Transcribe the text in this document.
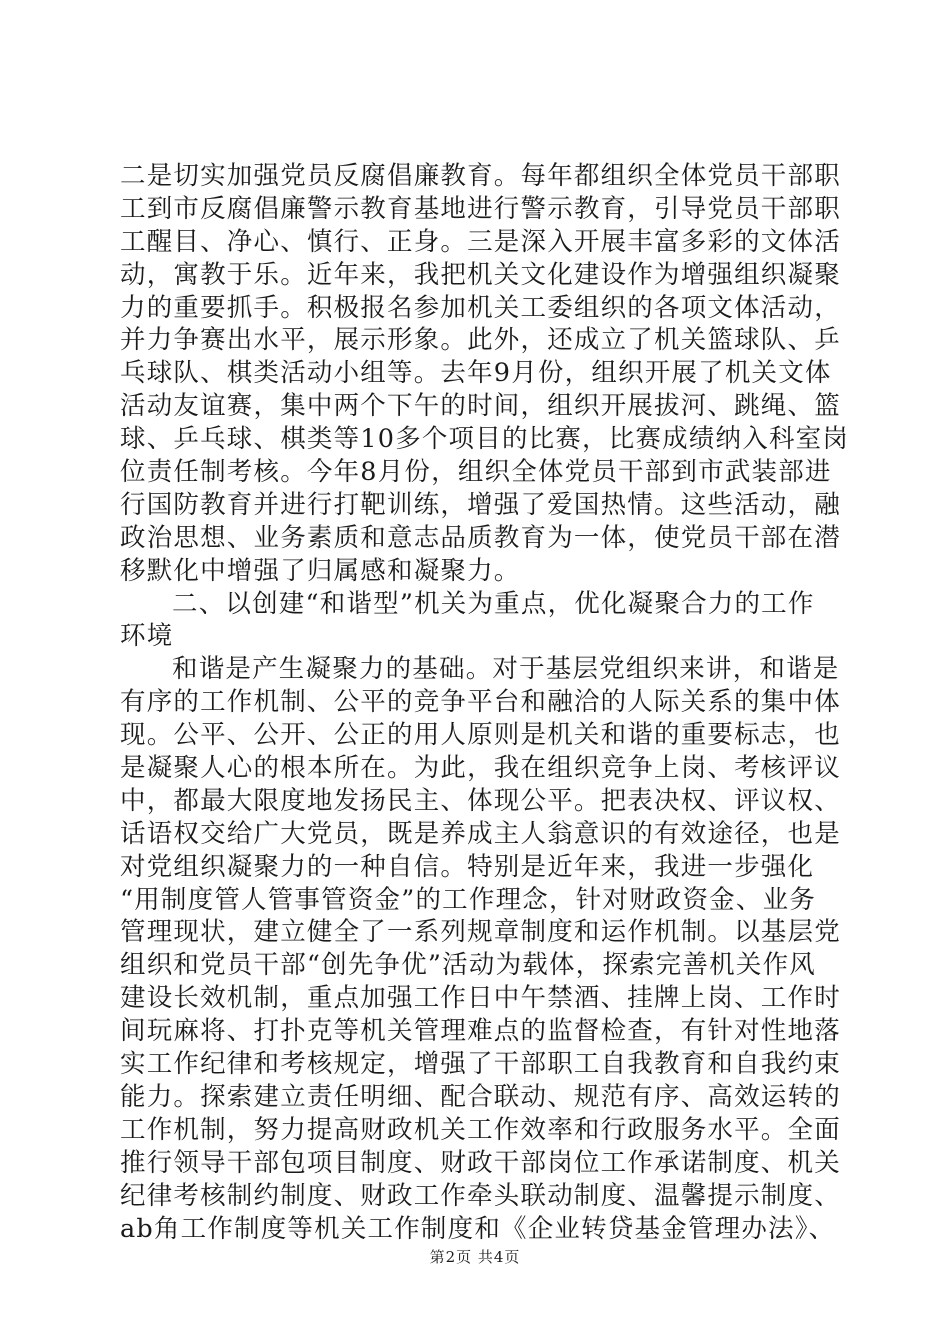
二是切实加强党员反腐倡廉教育。每年都组织全体党员干部职
工到市反腐倡廉警示教育基地进行警示教育，引导党员干部职
工醒目、净心、慎行、正身。三是深入开展丰富多彩的文体活
动，寓教于乐。近年来，我把机关文化建设作为增强组织凝聚
力的重要抓手。积极报名参加机关工委组织的各项文体活动，
并力争赛出水平，展示形象。此外，还成立了机关篮球队、乒
乓球队、棋类活动小组等。去年9月份，组织开展了机关文体
活动友谊赛，集中两个下午的时间，组织开展拔河、跳绳、篮
球、乒乓球、棋类等10多个项目的比赛，比赛成绩纳入科室岗
位责任制考核。今年8月份，组织全体党员干部到市武装部进
行国防教育并进行打靶训练，增强了爱国热情。这些活动，融
政治思想、业务素质和意志品质教育为一体，使党员干部在潜
移默化中增强了归属感和凝聚力。
二、以创建“和谐型”机关为重点，优化凝聚合力的工作
环境
和谐是产生凝聚力的基础。对于基层党组织来讲，和谐是
有序的工作机制、公平的竞争平台和融洽的人际关系的集中体
现。公平、公开、公正的用人原则是机关和谐的重要标志，也
是凝聚人心的根本所在。为此，我在组织竞争上岗、考核评议
中，都最大限度地发扬民主、体现公平。把表决权、评议权、
话语权交给广大党员，既是养成主人翁意识的有效途径，也是
对党组织凝聚力的一种自信。特别是近年来，我进一步强化
“用制度管人管事管资金”的工作理念，针对财政资金、业务
管理现状，建立健全了一系列规章制度和运作机制。以基层党
组织和党员干部“创先争优”活动为载体，探索完善机关作风
建设长效机制，重点加强工作日中午禁酒、挂牌上岗、工作时
间玩麻将、打扑克等机关管理难点的监督检查，有针对性地落
实工作纪律和考核规定，增强了干部职工自我教育和自我约束
能力。探索建立责任明细、配合联动、规范有序、高效运转的
工作机制，努力提高财政机关工作效率和行政服务水平。全面
推行领导干部包项目制度、财政干部岗位工作承诺制度、机关
纪律考核制约制度、财政工作牵头联动制度、温馨提示制度、
ab角工作制度等机关工作制度和《企业转贷基金管理办法》、
第2页 共4页
